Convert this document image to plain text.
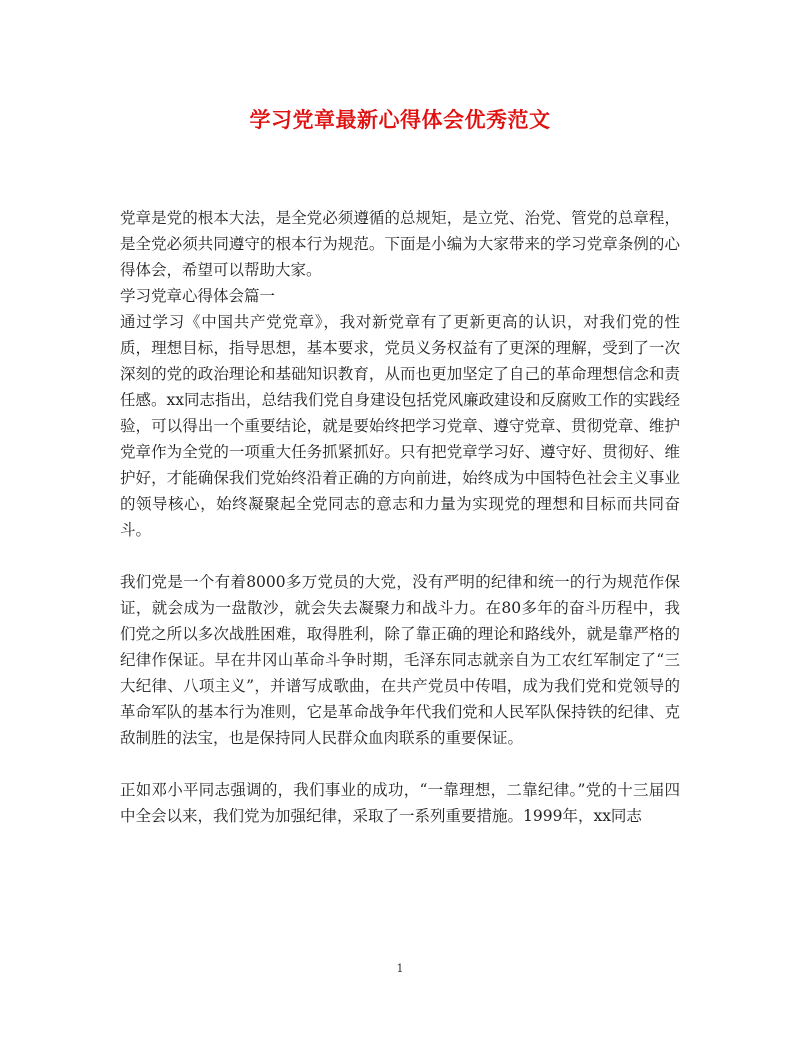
学习党章最新心得体会优秀范文

党章是党的根本大法，是全党必须遵循的总规矩，是立党、治党、管党的总章程，是全党必须共同遵守的根本行为规范。下面是小编为大家带来的学习党章条例的心得体会，希望可以帮助大家。

学习党章心得体会篇一

通过学习《中国共产党党章》，我对新党章有了更新更高的认识，对我们党的性质，理想目标，指导思想，基本要求，党员义务权益有了更深的理解，受到了一次深刻的党的政治理论和基础知识教育，从而也更加坚定了自己的革命理想信念和责任感。xx同志指出，总结我们党自身建设包括党风廉政建设和反腐败工作的实践经验，可以得出一个重要结论，就是要始终把学习党章、遵守党章、贯彻党章、维护党章作为全党的一项重大任务抓紧抓好。只有把党章学习好、遵守好、贯彻好、维护好，才能确保我们党始终沿着正确的方向前进，始终成为中国特色社会主义事业的领导核心，始终凝聚起全党同志的意志和力量为实现党的理想和目标而共同奋斗。

我们党是一个有着8000多万党员的大党，没有严明的纪律和统一的行为规范作保证，就会成为一盘散沙，就会失去凝聚力和战斗力。在80多年的奋斗历程中，我们党之所以多次战胜困难，取得胜利，除了靠正确的理论和路线外，就是靠严格的纪律作保证。早在井冈山革命斗争时期，毛泽东同志就亲自为工农红军制定了“三大纪律、八项主义”，并谱写成歌曲，在共产党员中传唱，成为我们党和党领导的革命军队的基本行为准则，它是革命战争年代我们党和人民军队保持铁的纪律、克敌制胜的法宝，也是保持同人民群众血肉联系的重要保证。

正如邓小平同志强调的，我们事业的成功，“一靠理想，二靠纪律。”党的十三届四中全会以来，我们党为加强纪律，采取了一系列重要措施。1999年，xx同志

1
